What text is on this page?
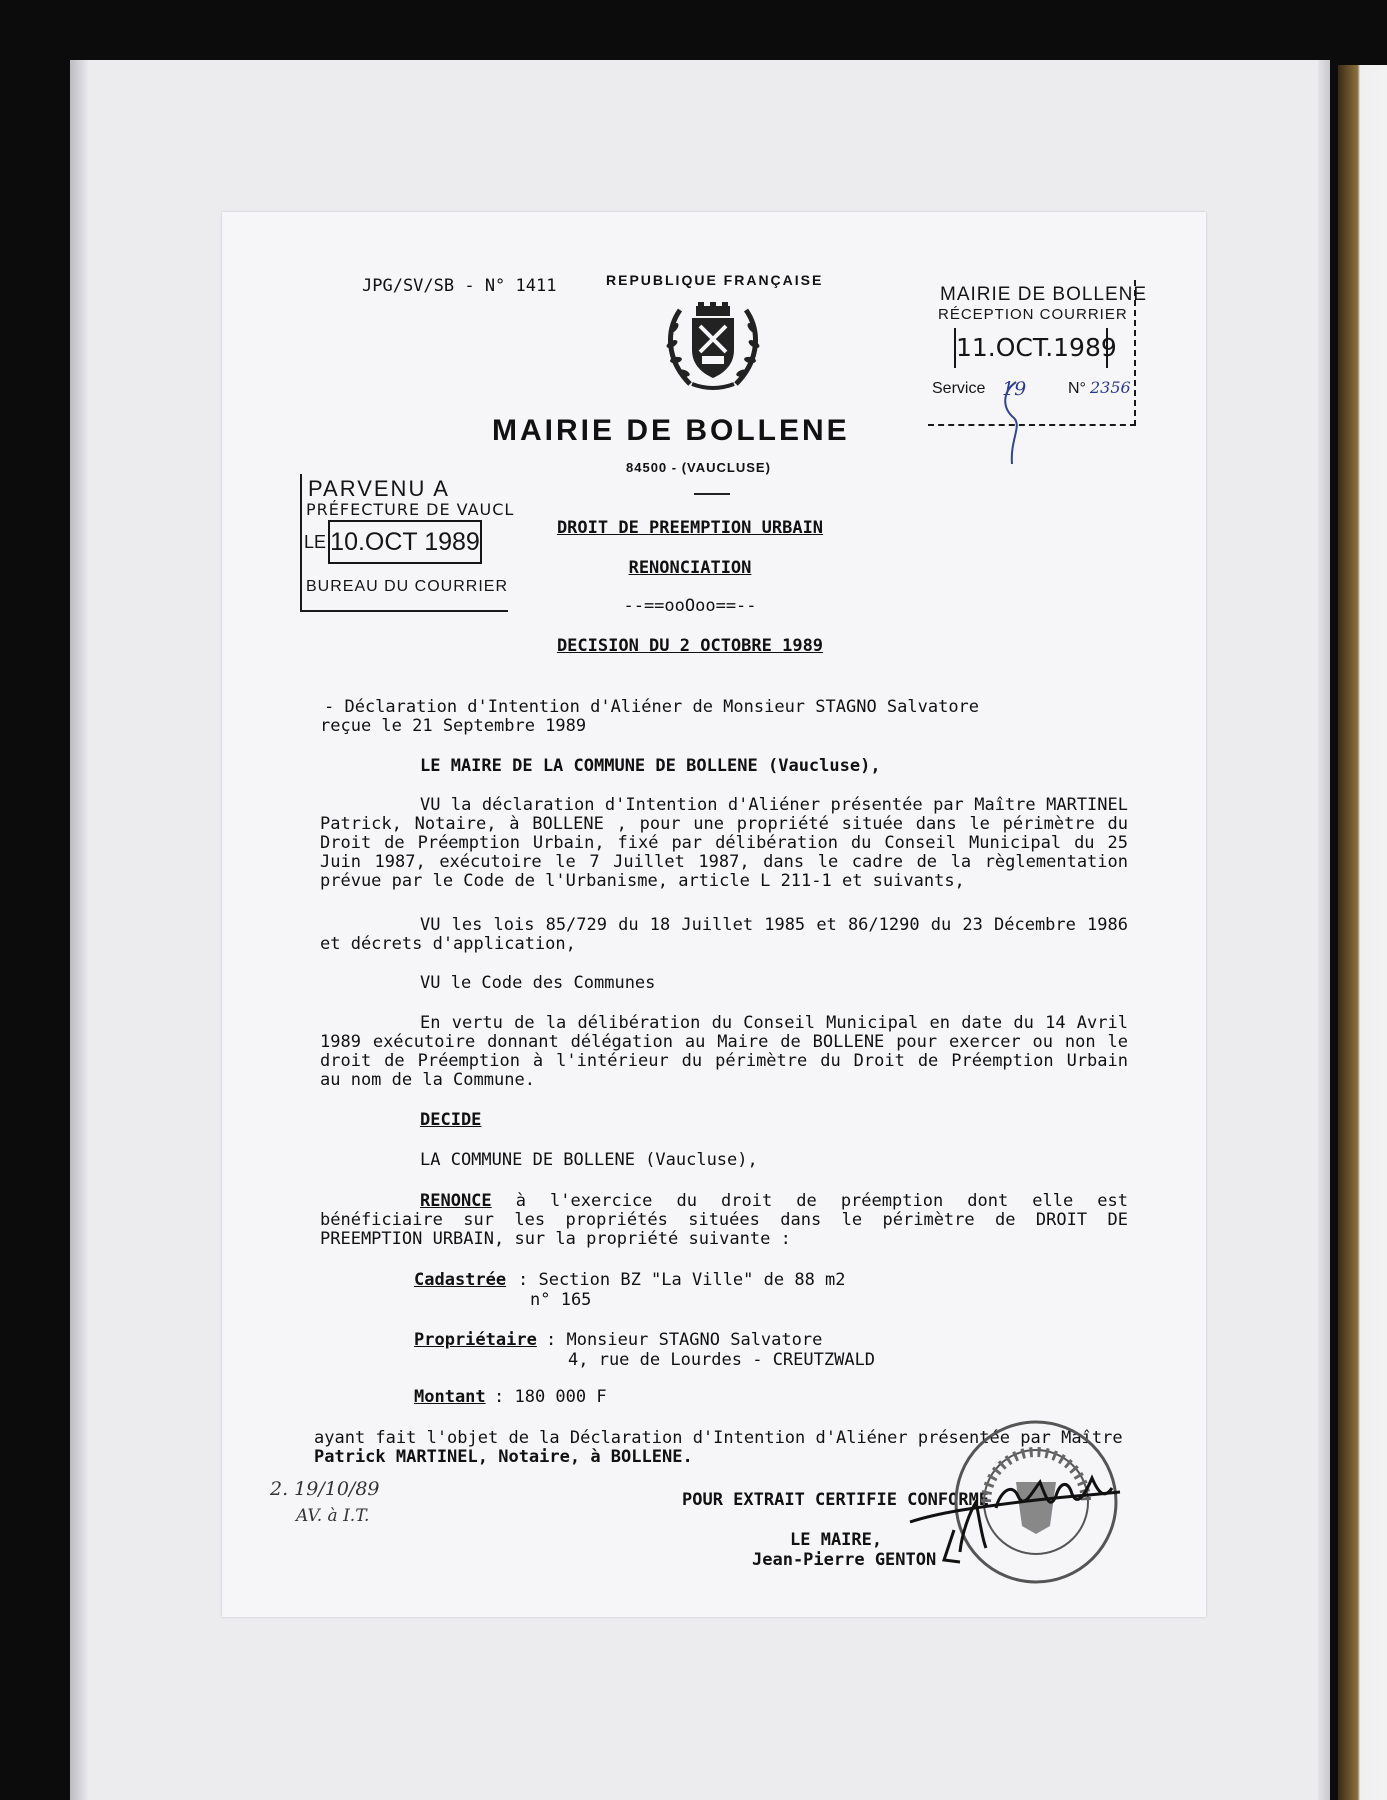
JPG/SV/SB - N° 1411	REPUBLIQUE FRANÇAISE
MAIRIE DE BOLLENE
84500 - (VAUCLUSE)
PARVENU A
PRÉFECTURE DE VAUCL
LE 10.OCT 1989
BUREAU DU COURRIER
MAIRIE DE BOLLENE
RÉCEPTION COURRIER
11.OCT.1989
Service 19	N° 2356
DROIT DE PREEMPTION URBAIN
RENONCIATION
--==ooOoo==--
DECISION DU 2 OCTOBRE 1989
- Déclaration d'Intention d'Aliéner de Monsieur STAGNO Salvatore
reçue le 21 Septembre 1989
LE MAIRE DE LA COMMUNE DE BOLLENE (Vaucluse),
VU la déclaration d'Intention d'Aliéner présentée par Maître MARTINEL Patrick, Notaire, à BOLLENE , pour une propriété située dans le périmètre du Droit de Préemption Urbain, fixé par délibération du Conseil Municipal du 25 Juin 1987, exécutoire le 7 Juillet 1987, dans le cadre de la règlementation prévue par le Code de l'Urbanisme, article L 211-1 et suivants,
VU les lois 85/729 du 18 Juillet 1985 et 86/1290 du 23 Décembre 1986 et décrets d'application,
VU le Code des Communes
En vertu de la délibération du Conseil Municipal en date du 14 Avril 1989 exécutoire donnant délégation au Maire de BOLLENE pour exercer ou non le droit de Préemption à l'intérieur du périmètre du Droit de Préemption Urbain au nom de la Commune.
DECIDE
LA COMMUNE DE BOLLENE (Vaucluse),
RENONCE à l'exercice du droit de préemption dont elle est bénéficiaire sur les propriétés situées dans le périmètre de DROIT DE PREEMPTION URBAIN, sur la propriété suivante :
Cadastrée : Section BZ "La Ville" de 88 m2
n° 165
Propriétaire : Monsieur STAGNO Salvatore
4, rue de Lourdes - CREUTZWALD
Montant : 180 000 F
ayant fait l'objet de la Déclaration d'Intention d'Aliéner présentée par Maître
Patrick MARTINEL, Notaire, à BOLLENE.
POUR EXTRAIT CERTIFIE CONFORME
LE MAIRE,
Jean-Pierre GENTON
2. 19/10/89
AV. à I.T.
